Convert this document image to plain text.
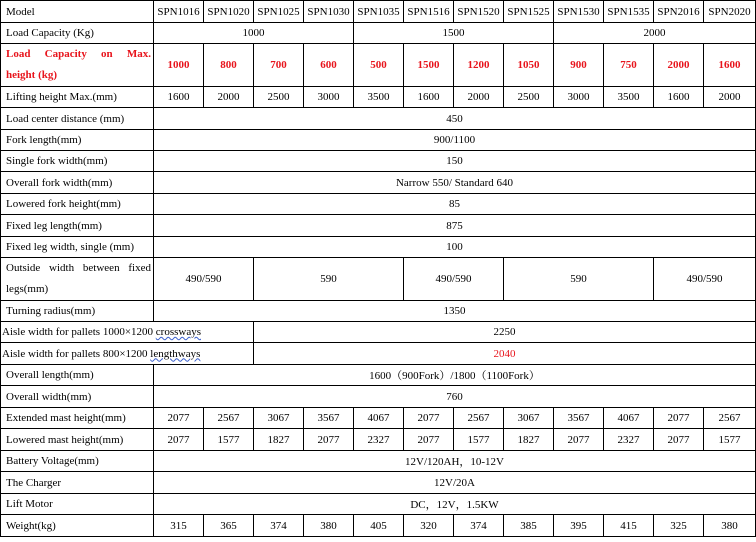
Model	SPN1016	SPN1020	SPN1025	SPN1030	SPN1035	SPN1516	SPN1520	SPN1525	SPN1530	SPN1535	SPN2016	SPN2020
Load Capacity (Kg)	1000				1500				2000			

Load Capacity on Max.
height (kg)	1000	800	700	600	500	1500	1200	1050	900	750	2000	1600
Lifting height Max.(mm)	1600	2000	2500	3000	3500	1600	2000	2500	3000	3500	1600	2000
Load center distance (mm)	450											
Fork length(mm)	900/1100											
Single fork width(mm)	150											
Overall fork width(mm)	Narrow 550/ Standard 640											
Lowered fork height(mm)	85											
Fixed leg length(mm)	875											
Fixed leg width, single (mm)	100											

Outside width between fixed
legs(mm)	490/590		590			490/590		590			490/590	
Turning radius(mm)	1350											
Aisle width for pallets 1000×1200 crossways			2250									
Aisle width for pallets 800×1200 lengthways			2040									
Overall length(mm)	1600（900Fork）/1800（1100Fork）											
Overall width(mm)	760											
Extended mast height(mm)	2077	2567	3067	3567	4067	2077	2567	3067	3567	4067	2077	2567
Lowered mast height(mm)	2077	1577	1827	2077	2327	2077	1577	1827	2077	2327	2077	1577
Battery Voltage(mm)	12V/120AH，10-12V											
The Charger	12V/20A											
Lift Motor	DC，12V，1.5KW											
Weight(kg)	315	365	374	380	405	320	374	385	395	415	325	380
